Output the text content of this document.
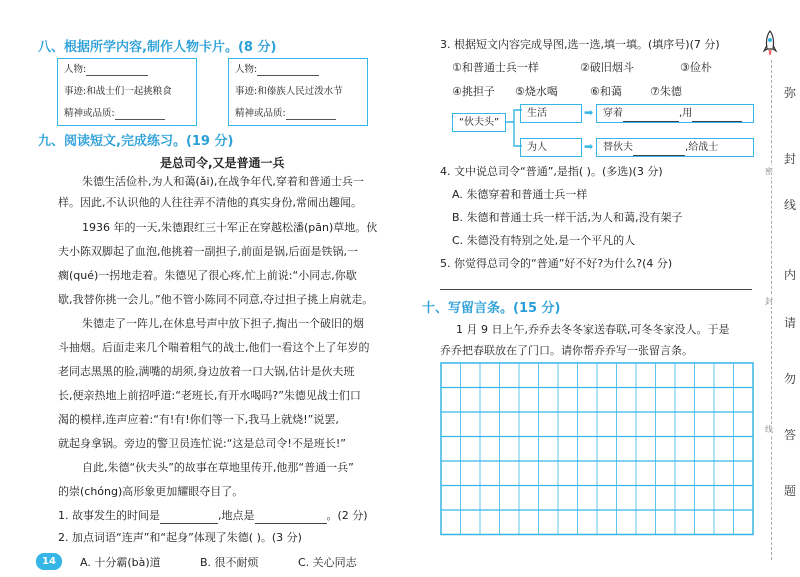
八、根据所学内容,制作人物卡片。(8 分)
人物:
事迹:和战士们一起挑粮食
精神或品质:
人物:
事迹:和傣族人民过泼水节
精神或品质:
九、阅读短文,完成练习。(19 分)
是总司令,又是普通一兵
朱德生活俭朴,为人和蔼(ǎi),在战争年代,穿着和普通士兵一
样。因此,不认识他的人往往弄不清他的真实身份,常闹出趣闻。
1936 年的一天,朱德跟红三十军正在穿越松潘(pān)草地。伙
夫小陈双脚起了血泡,他挑着一副担子,前面是锅,后面是铁锅,一
瘸(qué)一拐地走着。朱德见了很心疼,忙上前说:“小同志,你歇
歇,我替你挑一会儿。”他不管小陈同不同意,夺过担子挑上肩就走。
朱德走了一阵儿,在休息号声中放下担子,掏出一个破旧的烟
斗抽烟。后面走来几个喘着粗气的战士,他们一看这个上了年岁的
老同志黑黑的脸,满嘴的胡须,身边放着一口大锅,估计是伙夫班
长,便亲热地上前招呼道:“老班长,有开水喝吗?”朱德见战士们口
渴的模样,连声应着:“有!有!你们等一下,我马上就烧!”说罢,
就起身拿锅。旁边的警卫员连忙说:“这是总司令!不是班长!”
自此,朱德“伙夫头”的故事在草地里传开,他那“普通一兵”
的崇(chóng)高形象更加耀眼夺目了。
1. 故事发生的时间是	,地点是	。(2 分)
2. 加点词语“连声”和“起身”体现了朱德( )。(3 分)
A. 十分霸(bà)道	B. 很不耐烦	C. 关心同志
14
3. 根据短文内容完成导图,选一选,填一填。(填序号)(7 分)
①和普通士兵一样	②破旧烟斗	③俭朴
④挑担子 ⑤烧水喝	⑥和蔼	⑦朱德
“伙夫头”
生活	➡ 穿着	,用
为人	➡ 替伙夫	,给战士
4. 文中说总司令“普通”,是指( )。(多选)(3 分)
A. 朱德穿着和普通士兵一样
B. 朱德和普通士兵一样干活,为人和蔼,没有架子
C. 朱德没有特别之处,是一个平凡的人
5. 你觉得总司令的“普通”好不好?为什么?(4 分)
十、写留言条。(15 分)
1 月 9 日上午,乔乔去冬冬家送春联,可冬冬家没人。于是
乔乔把春联放在了门口。请你帮乔乔写一张留言条。
弥
封
线
内
请
勿
答
题
密
封
线
